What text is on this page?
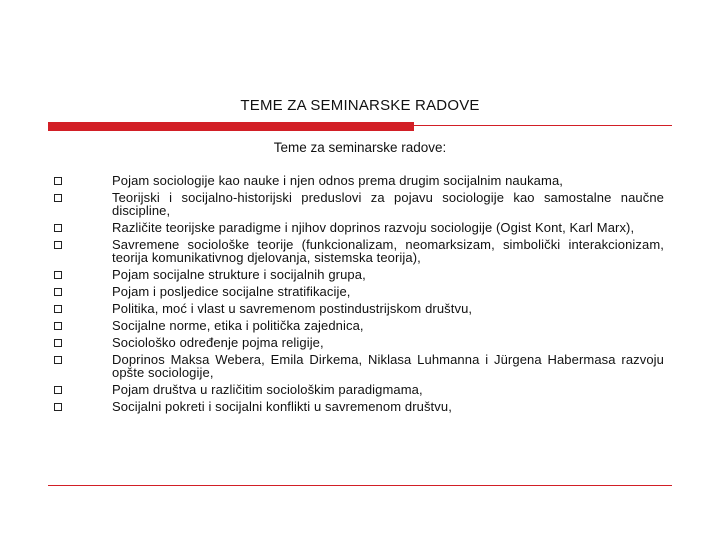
TEME ZA SEMINARSKE RADOVE
Teme za seminarske radove:
Pojam sociologije kao nauke i njen odnos prema drugim socijalnim naukama,
Teorijski i socijalno-historijski preduslovi za pojavu sociologije kao samostalne naučne discipline,
Različite teorijske paradigme i njihov doprinos razvoju sociologije (Ogist Kont, Karl Marx),
Savremene sociološke teorije (funkcionalizam, neomarksizam, simbolički interakcionizam, teorija komunikativnog djelovanja, sistemska teorija),
Pojam socijalne strukture i socijalnih grupa,
Pojam i posljedice socijalne stratifikacije,
Politika, moć i vlast u savremenom postindustrijskom društvu,
Socijalne norme, etika i politička zajednica,
Sociološko određenje pojma religije,
Doprinos Maksa Webera, Emila Dirkema, Niklasa Luhmanna i Jürgena Habermasa razvoju opšte sociologije,
Pojam društva u različitim sociološkim paradigmama,
Socijalni pokreti i socijalni konflikti u savremenom društvu,
